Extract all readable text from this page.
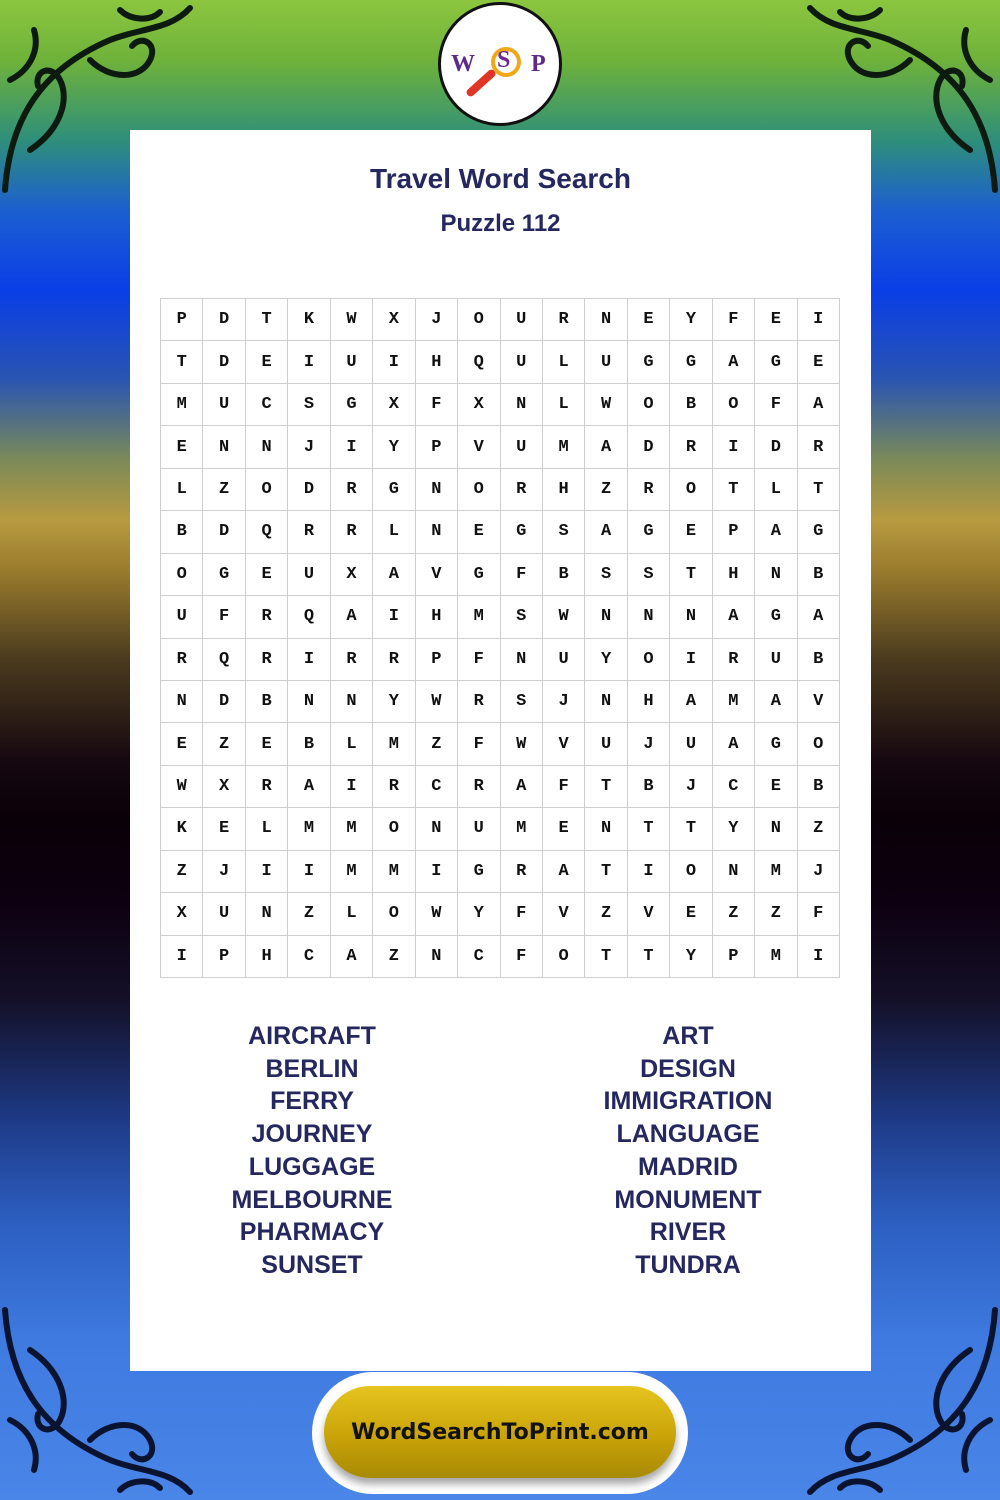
W S P
Travel Word Search
Puzzle 112
P	D	T	K	W	X	J	O	U	R	N	E	Y	F	E	I
T	D	E	I	U	I	H	Q	U	L	U	G	G	A	G	E
M	U	C	S	G	X	F	X	N	L	W	O	B	O	F	A
E	N	N	J	I	Y	P	V	U	M	A	D	R	I	D	R
L	Z	O	D	R	G	N	O	R	H	Z	R	O	T	L	T
B	D	Q	R	R	L	N	E	G	S	A	G	E	P	A	G
O	G	E	U	X	A	V	G	F	B	S	S	T	H	N	B
U	F	R	Q	A	I	H	M	S	W	N	N	N	A	G	A
R	Q	R	I	R	R	P	F	N	U	Y	O	I	R	U	B
N	D	B	N	N	Y	W	R	S	J	N	H	A	M	A	V
E	Z	E	B	L	M	Z	F	W	V	U	J	U	A	G	O
W	X	R	A	I	R	C	R	A	F	T	B	J	C	E	B
K	E	L	M	M	O	N	U	M	E	N	T	T	Y	N	Z
Z	J	I	I	M	M	I	G	R	A	T	I	O	N	M	J
X	U	N	Z	L	O	W	Y	F	V	Z	V	E	Z	Z	F
I	P	H	C	A	Z	N	C	F	O	T	T	Y	P	M	I
AIRCRAFT
BERLIN
FERRY
JOURNEY
LUGGAGE
MELBOURNE
PHARMACY
SUNSET
ART
DESIGN
IMMIGRATION
LANGUAGE
MADRID
MONUMENT
RIVER
TUNDRA
WordSearchToPrint.com
